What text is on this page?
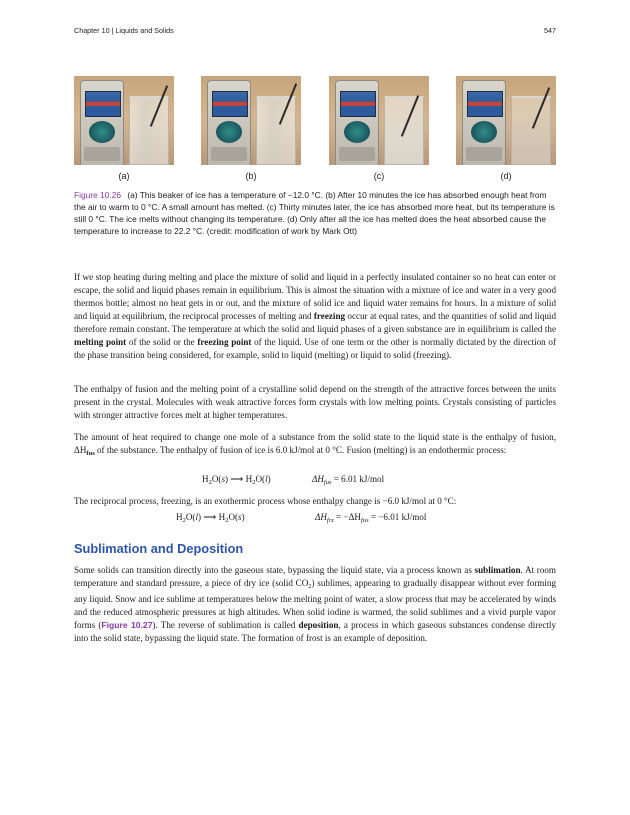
Chapter 10 | Liquids and Solids	547
(a)	(b)	(c)	(d)
Figure 10.26 (a) This beaker of ice has a temperature of −12.0 °C. (b) After 10 minutes the ice has absorbed enough heat from the air to warm to 0 °C. A small amount has melted. (c) Thirty minutes later, the ice has absorbed more heat, but its temperature is still 0 °C. The ice melts without changing its temperature. (d) Only after all the ice has melted does the heat absorbed cause the temperature to increase to 22.2 °C. (credit: modification of work by Mark Ott)
If we stop heating during melting and place the mixture of solid and liquid in a perfectly insulated container so no heat can enter or escape, the solid and liquid phases remain in equilibrium. This is almost the situation with a mixture of ice and water in a very good thermos bottle; almost no heat gets in or out, and the mixture of solid ice and liquid water remains for hours. In a mixture of solid and liquid at equilibrium, the reciprocal processes of melting and freezing occur at equal rates, and the quantities of solid and liquid therefore remain constant. The temperature at which the solid and liquid phases of a given substance are in equilibrium is called the melting point of the solid or the freezing point of the liquid. Use of one term or the other is normally dictated by the direction of the phase transition being considered, for example, solid to liquid (melting) or liquid to solid (freezing).
The enthalpy of fusion and the melting point of a crystalline solid depend on the strength of the attractive forces between the units present in the crystal. Molecules with weak attractive forces form crystals with low melting points. Crystals consisting of particles with stronger attractive forces melt at higher temperatures.
The amount of heat required to change one mole of a substance from the solid state to the liquid state is the enthalpy of fusion, $\Delta H_{fus}$ of the substance. The enthalpy of fusion of ice is 6.0 kJ/mol at 0 °C. Fusion (melting) is an endothermic process:
$H_2O(s)$ ⟶ $H_2O(l)$	$\Delta H_{fus} = 6.01$ kJ/mol
The reciprocal process, freezing, is an exothermic process whose enthalpy change is −6.0 kJ/mol at 0 °C:
$H_2O(l)$ ⟶ $H_2O(s)$	$\Delta H_{frz} = -\Delta H_{fus} = -6.01$ kJ/mol
Sublimation and Deposition
Some solids can transition directly into the gaseous state, bypassing the liquid state, via a process known as sublimation. At room temperature and standard pressure, a piece of dry ice (solid $CO_2$) sublimes, appearing to gradually disappear without ever forming any liquid. Snow and ice sublime at temperatures below the melting point of water, a slow process that may be accelerated by winds and the reduced atmospheric pressures at high altitudes. When solid iodine is warmed, the solid sublimes and a vivid purple vapor forms (Figure 10.27). The reverse of sublimation is called deposition, a process in which gaseous substances condense directly into the solid state, bypassing the liquid state. The formation of frost is an example of deposition.
